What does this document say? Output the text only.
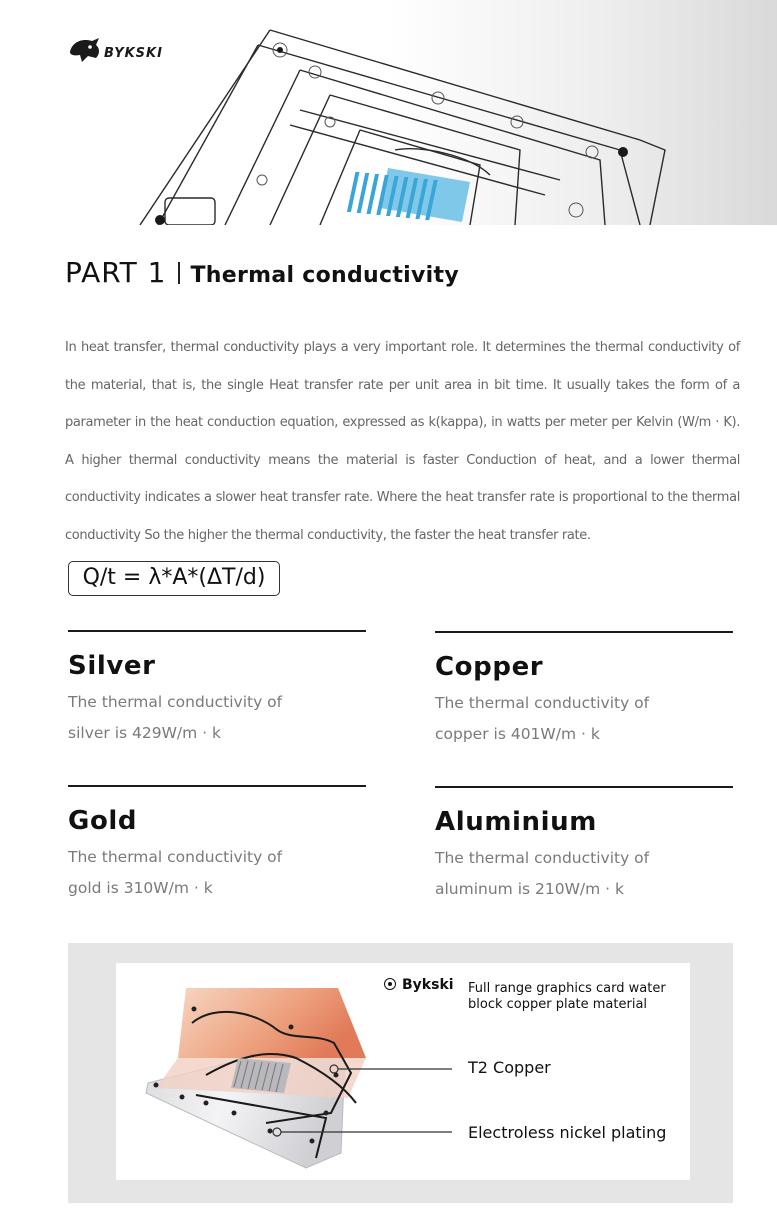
BYKSKI
PART 1 Thermal conductivity

In heat transfer, thermal conductivity plays a very important role. It determines the thermal conductivity of the material, that is, the single Heat transfer rate per unit area in bit time. It usually takes the form of a parameter in the heat conduction equation, expressed as k(kappa), in watts per meter per Kelvin (W/m · K). A higher thermal conductivity means the material is faster Conduction of heat, and a lower thermal conductivity indicates a slower heat transfer rate. Where the heat transfer rate is proportional to the thermal conductivity So the higher the thermal conductivity, the faster the heat transfer rate.

Q/t = λ*A*(ΔT/d)
Silver
The thermal conductivity of
silver is 429W/m · k
Copper
The thermal conductivity of
copper is 401W/m · k
Gold
The thermal conductivity of
gold is 310W/m · k
Aluminium
The thermal conductivity of
aluminum is 210W/m · k
Bykski Full range graphics card water block copper plate material
T2 Copper
Electroless nickel plating
